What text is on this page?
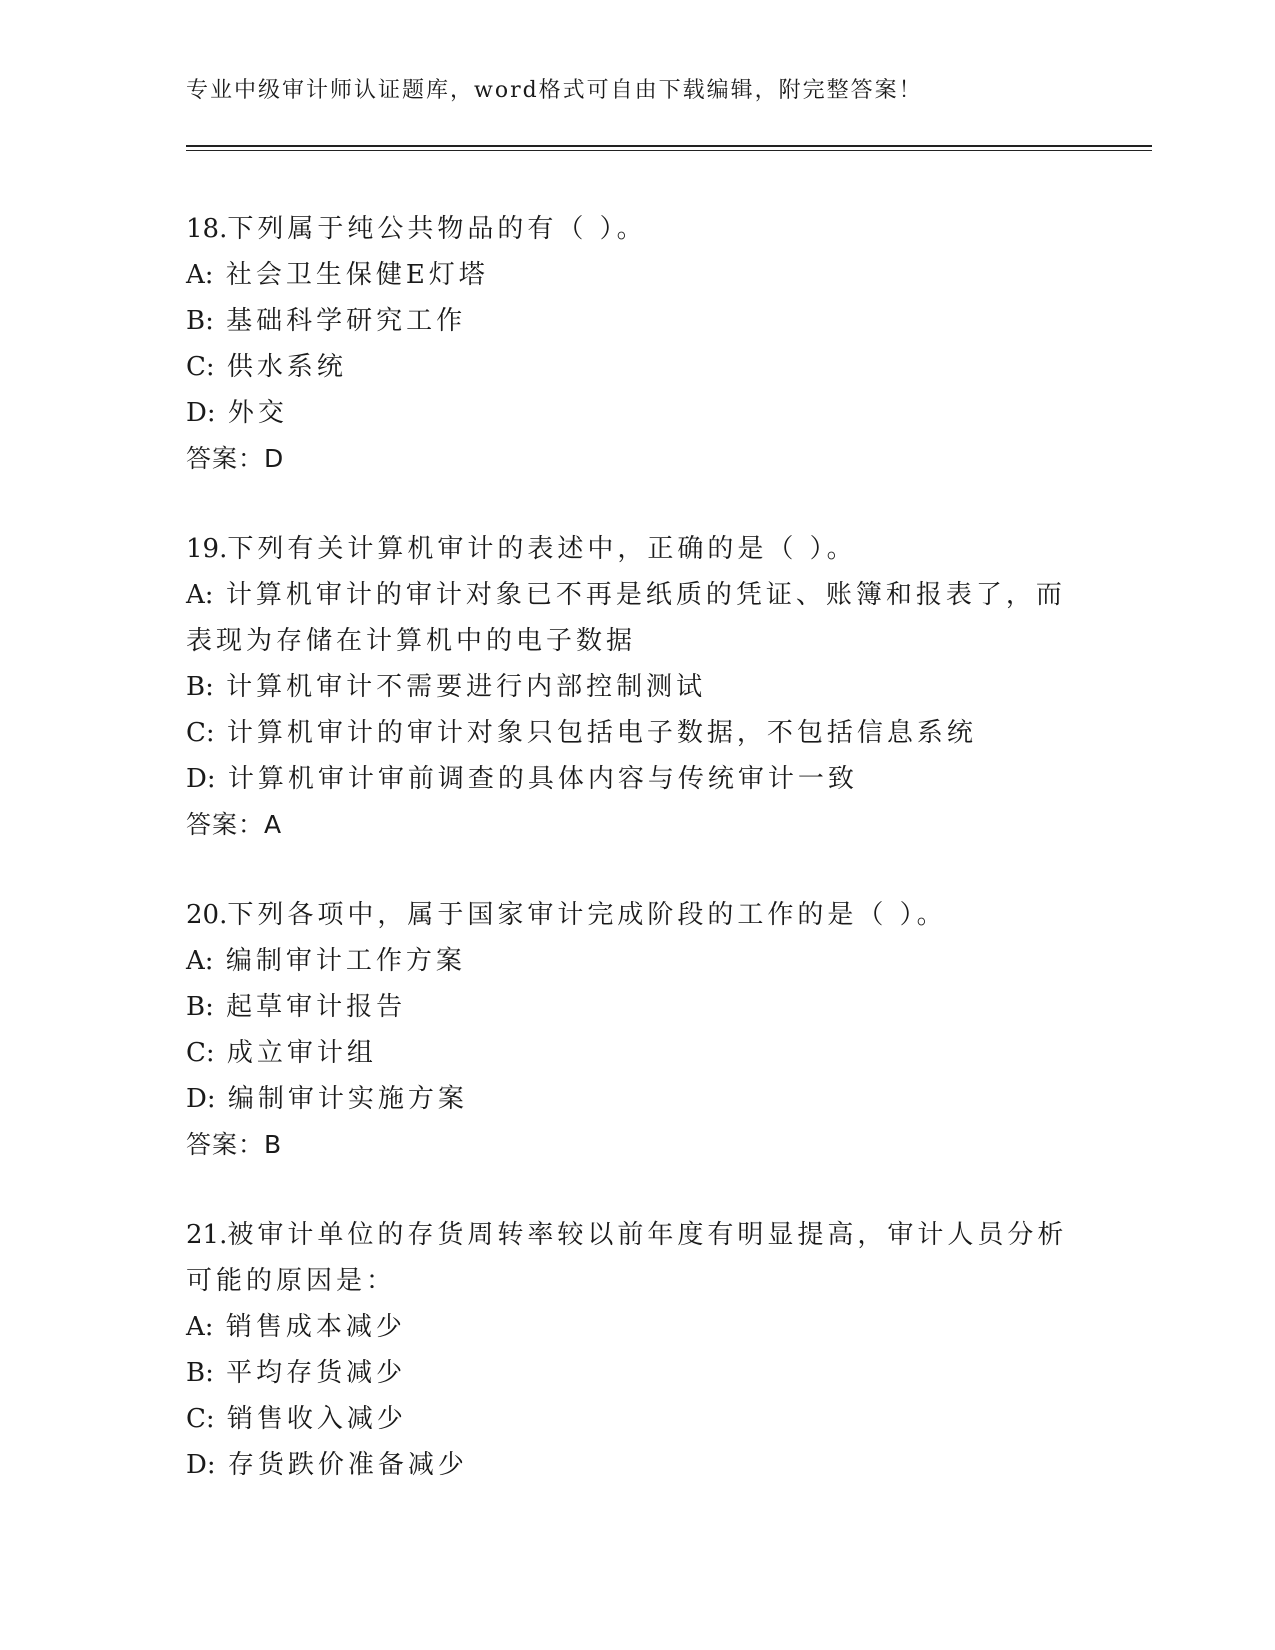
专业中级审计师认证题库，word格式可自由下载编辑，附完整答案！
18.下列属于纯公共物品的有（ ）。
A: 社会卫生保健E灯塔
B: 基础科学研究工作
C: 供水系统
D: 外交
答案：D
19.下列有关计算机审计的表述中，正确的是（ ）。
A: 计算机审计的审计对象已不再是纸质的凭证、账簿和报表了，而表现为存储在计算机中的电子数据
B: 计算机审计不需要进行内部控制测试
C: 计算机审计的审计对象只包括电子数据，不包括信息系统
D: 计算机审计审前调查的具体内容与传统审计一致
答案：A
20.下列各项中，属于国家审计完成阶段的工作的是（ ）。
A: 编制审计工作方案
B: 起草审计报告
C: 成立审计组
D: 编制审计实施方案
答案：B
21.被审计单位的存货周转率较以前年度有明显提高，审计人员分析可能的原因是：
A: 销售成本减少
B: 平均存货减少
C: 销售收入减少
D: 存货跌价准备减少
